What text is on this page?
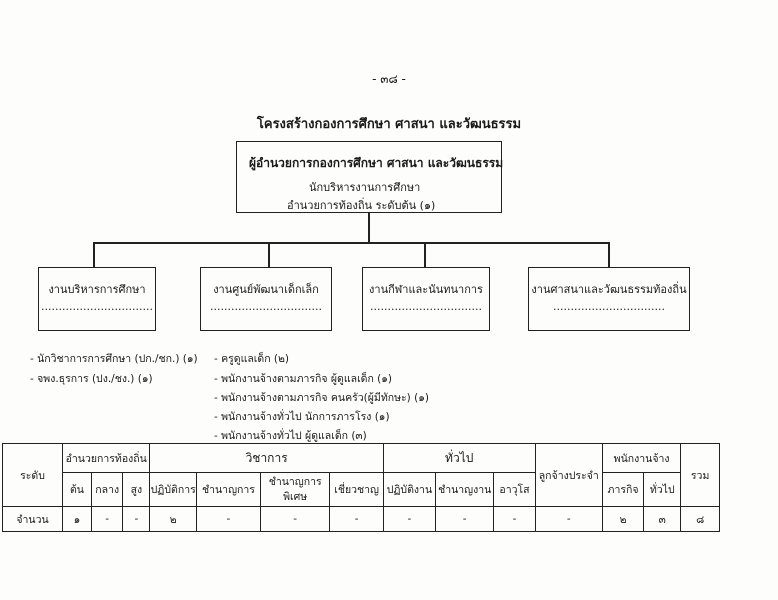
- ๓๘ -
โครงสร้างกองการศึกษา ศาสนา และวัฒนธรรม
ผู้อำนวยการกองการศึกษา ศาสนา และวัฒนธรรม
นักบริหารงานการศึกษา
อำนวยการท้องถิ่น ระดับต้น (๑)
งานบริหารการศึกษา
................................
งานศูนย์พัฒนาเด็กเล็ก
................................
งานกีฬาและนันทนาการ
................................
งานศาสนาและวัฒนธรรมท้องถิ่น
................................
- นักวิชาการการศึกษา (ปก./ชก.) (๑)
- จพง.ธุรการ (ปง./ชง.) (๑)
- ครูดูแลเด็ก (๒)
- พนักงานจ้างตามภารกิจ ผู้ดูแลเด็ก (๑)
- พนักงานจ้างตามภารกิจ คนครัว(ผู้มีทักษะ) (๑)
- พนักงานจ้างทั่วไป นักการภารโรง (๑)
- พนักงานจ้างทั่วไป ผู้ดูแลเด็ก (๓)
ระดับ	อำนวยการท้องถิ่น			วิชาการ				ทั่วไป			ลูกจ้างประจำ	พนักงานจ้าง		รวม
	ต้น	กลาง	สูง	ปฏิบัติการ	ชำนาญการ	ชำนาญการ
พิเศษ	เชี่ยวชาญ	ปฏิบัติงาน	ชำนาญงาน	อาวุโส		ภารกิจ	ทั่วไป	
จำนวน	๑	-	-	๒	-	-	-	-	-	-	-	๒	๓	๘
